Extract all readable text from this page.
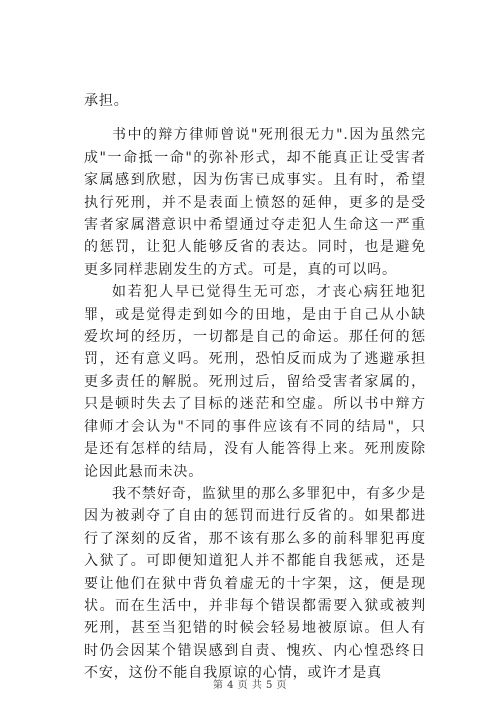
承担。

书中的辩方律师曾说"死刑很无力".因为虽然完成"一命抵一命"的弥补形式，却不能真正让受害者家属感到欣慰，因为伤害已成事实。且有时，希望执行死刑，并不是表面上愤怒的延伸，更多的是受害者家属潜意识中希望通过夺走犯人生命这一严重的惩罚，让犯人能够反省的表达。同时，也是避免更多同样悲剧发生的方式。可是，真的可以吗。

如若犯人早已觉得生无可恋，才丧心病狂地犯罪，或是觉得走到如今的田地，是由于自己从小缺爱坎坷的经历，一切都是自己的命运。那任何的惩罚，还有意义吗。死刑，恐怕反而成为了逃避承担更多责任的解脱。死刑过后，留给受害者家属的，只是顿时失去了目标的迷茫和空虚。所以书中辩方律师才会认为"不同的事件应该有不同的结局"，只是还有怎样的结局，没有人能答得上来。死刑废除论因此悬而未决。

我不禁好奇，监狱里的那么多罪犯中，有多少是因为被剥夺了自由的惩罚而进行反省的。如果都进行了深刻的反省，那不该有那么多的前科罪犯再度入狱了。可即便知道犯人并不都能自我惩戒，还是要让他们在狱中背负着虚无的十字架，这，便是现状。而在生活中，并非每个错误都需要入狱或被判死刑，甚至当犯错的时候会轻易地被原谅。但人有时仍会因某个错误感到自责、愧疚、内心惶恐终日不安，这份不能自我原谅的心情，或许才是真

第 4 页 共 5 页
